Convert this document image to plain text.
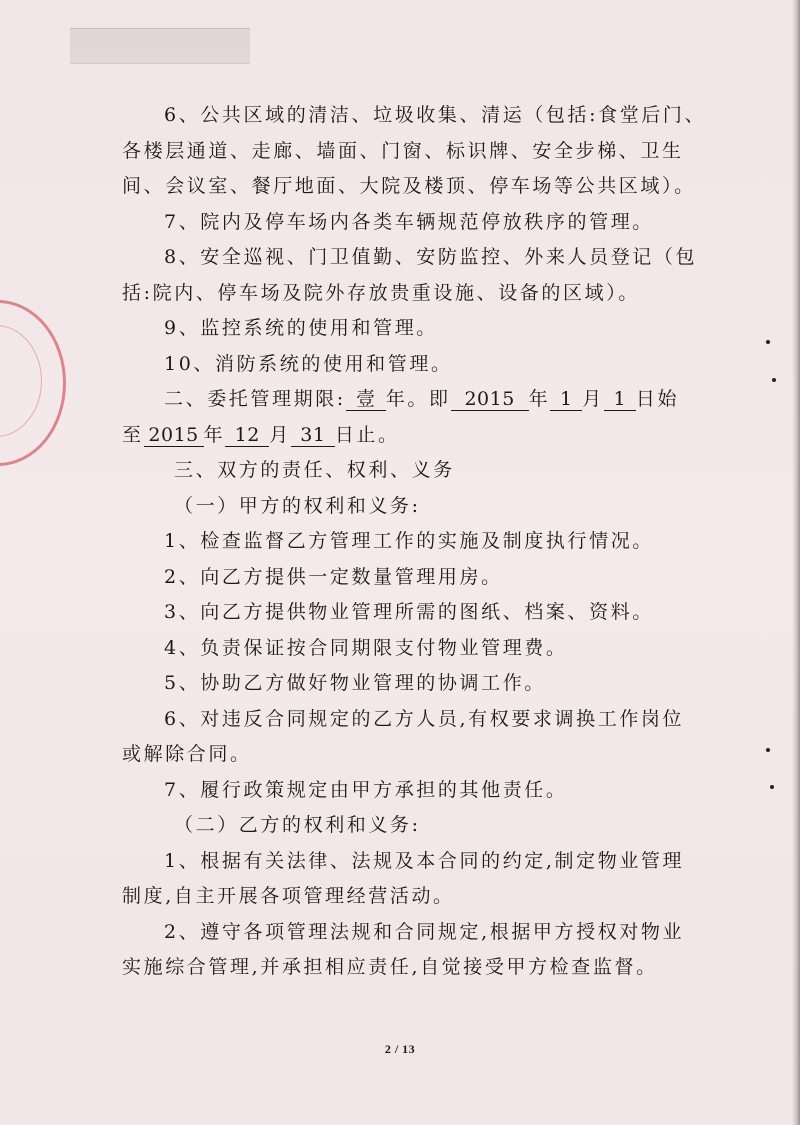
6、公共区域的清洁、垃圾收集、清运（包括:食堂后门、
各楼层通道、走廊、墙面、门窗、标识牌、安全步梯、卫生
间、会议室、餐厅地面、大院及楼顶、停车场等公共区域）。
7、院内及停车场内各类车辆规范停放秩序的管理。
8、安全巡视、门卫值勤、安防监控、外来人员登记（包
括:院内、停车场及院外存放贵重设施、设备的区域）。
9、监控系统的使用和管理。
10、消防系统的使用和管理。
二、委托管理期限: 壹 年。即 2015 年 1 月 1 日始
至 2015 年 12 月 31 日止。
三、双方的责任、权利、义务
（一）甲方的权利和义务:
1、检查监督乙方管理工作的实施及制度执行情况。
2、向乙方提供一定数量管理用房。
3、向乙方提供物业管理所需的图纸、档案、资料。
4、负责保证按合同期限支付物业管理费。
5、协助乙方做好物业管理的协调工作。
6、对违反合同规定的乙方人员,有权要求调换工作岗位
或解除合同。
7、履行政策规定由甲方承担的其他责任。
（二）乙方的权利和义务:
1、根据有关法律、法规及本合同的约定,制定物业管理
制度,自主开展各项管理经营活动。
2、遵守各项管理法规和合同规定,根据甲方授权对物业
实施综合管理,并承担相应责任,自觉接受甲方检查监督。
2 / 13
